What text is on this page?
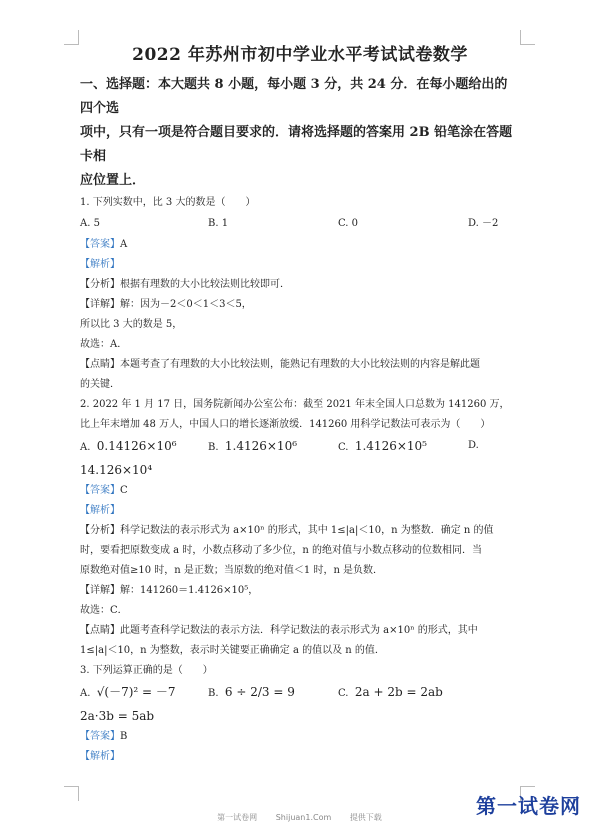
2022 年苏州市初中学业水平考试试卷数学

一、选择题：本大题共 8 小题，每小题 3 分，共 24 分．在每小题给出的四个选

项中，只有一项是符合题目要求的．请将选择题的答案用 2B 铅笔涂在答题卡相

应位置上．

1. 下列实数中，比 3 大的数是（　　）

A. 5	B. 1	C. 0	D. －2

【答案】A

【解析】

【分析】根据有理数的大小比较法则比较即可．

【详解】解：因为－2＜0＜1＜3＜5，

所以比 3 大的数是 5，

故选：A．

【点睛】本题考查了有理数的大小比较法则，能熟记有理数的大小比较法则的内容是解此题

的关键．

2. 2022 年 1 月 17 日，国务院新闻办公室公布：截至 2021 年末全国人口总数为 141260 万，

比上年末增加 48 万人，中国人口的增长逐渐放缓．141260 用科学记数法可表示为（　　）

A. 0.14126×10⁶	B. 1.4126×10⁶	C. 1.4126×10⁵	D.

14.126×10⁴

【答案】C

【解析】

【分析】科学记数法的表示形式为 a×10ⁿ 的形式，其中 1≤|a|＜10，n 为整数．确定 n 的值

时，要看把原数变成 a 时，小数点移动了多少位，n 的绝对值与小数点移动的位数相同．当

原数绝对值≥10 时，n 是正数；当原数的绝对值＜1 时，n 是负数．

【详解】解：141260＝1.4126×10⁵，

故选：C．

【点睛】此题考查科学记数法的表示方法．科学记数法的表示形式为 a×10ⁿ 的形式，其中

1≤|a|＜10，n 为整数，表示时关键要正确确定 a 的值以及 n 的值．

3. 下列运算正确的是（　　）

A. √(－7)² = －7	B. 6 ÷ 2/3 = 9	C. 2a + 2b = 2ab

2a·3b = 5ab

【答案】B

【解析】

第一试卷网 Shijuan1.Com 提供下载	第一试卷网
